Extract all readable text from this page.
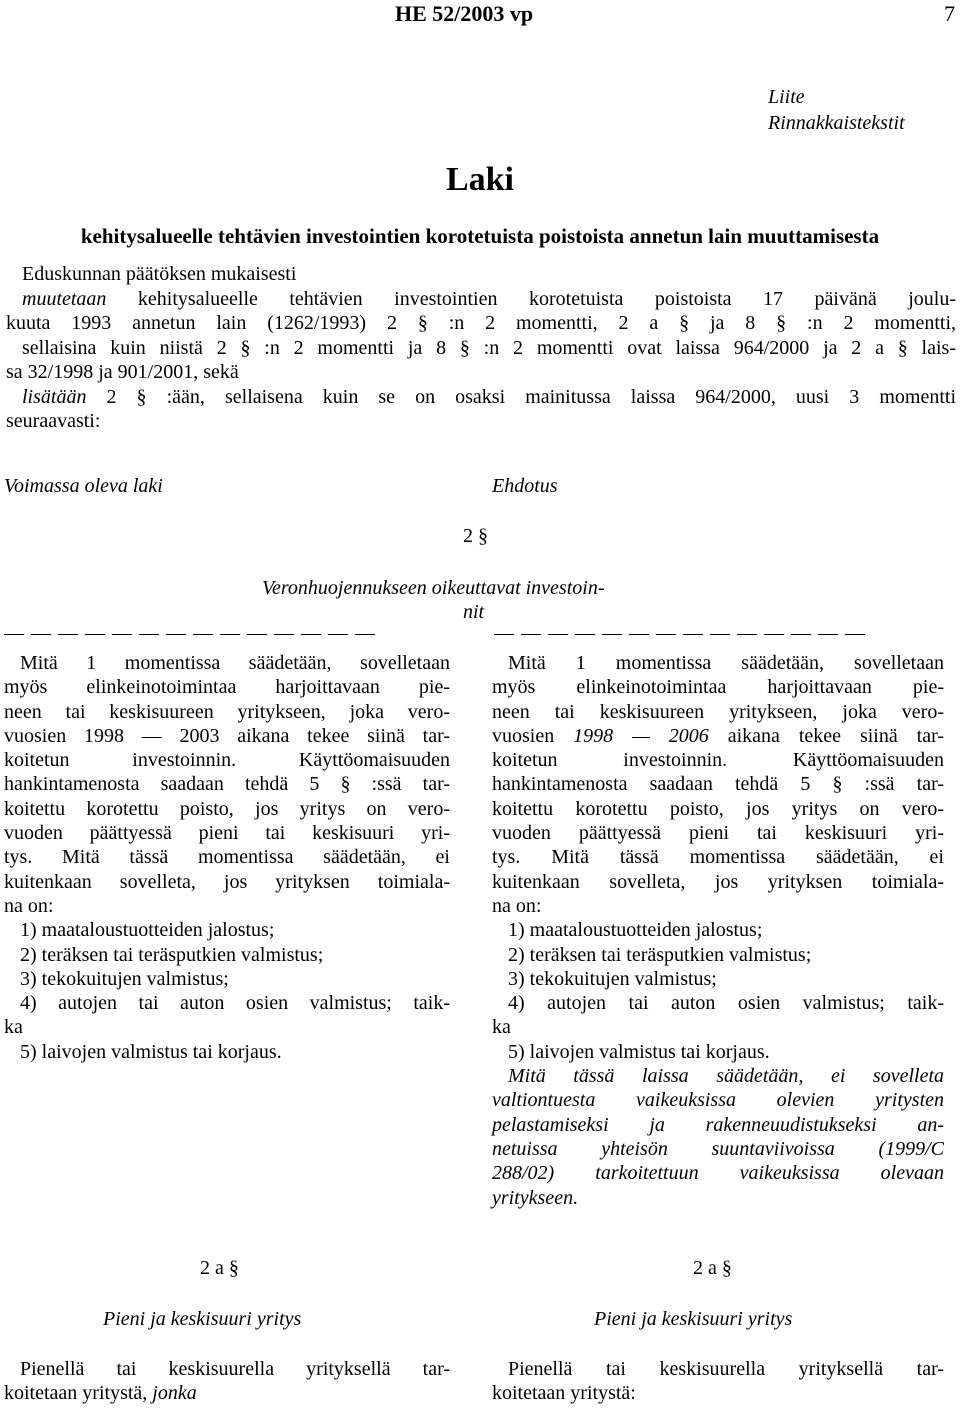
HE 52/2003 vp	7
Liite
Rinnakkaistekstit
Laki
kehitysalueelle tehtävien investointien korotetuista poistoista annetun lain muuttamisesta
Eduskunnan päätöksen mukaisesti
muutetaan kehitysalueelle tehtävien investointien korotetuista poistoista 17 päivänä joulu-
kuuta 1993 annetun lain (1262/1993) 2 § :n 2 momentti, 2 a § ja 8 § :n 2 momentti,
sellaisina kuin niistä 2 § :n 2 momentti ja 8 § :n 2 momentti ovat laissa 964/2000 ja 2 a § lais-
sa 32/1998 ja 901/2001, sekä
lisätään 2 § :ään, sellaisena kuin se on osaksi mainitussa laissa 964/2000, uusi 3 momentti
seuraavasti:
Voimassa oleva laki	Ehdotus
2 §
Veronhuojennukseen oikeuttavat investoin-
nit
— — — — — — — — — — — — — —	— — — — — — — — — — — — — —
Mitä 1 momentissa säädetään, sovelletaan
myös elinkeinotoimintaa harjoittavaan pie-
neen tai keskisuureen yritykseen, joka vero-
vuosien 1998 — 2003 aikana tekee siinä tar-
koitetun investoinnin. Käyttöomaisuuden
hankintamenosta saadaan tehdä 5 § :ssä tar-
koitettu korotettu poisto, jos yritys on vero-
vuoden päättyessä pieni tai keskisuuri yri-
tys. Mitä tässä momentissa säädetään, ei
kuitenkaan sovelleta, jos yrityksen toimiala-
na on:
1) maataloustuotteiden jalostus;
2) teräksen tai teräsputkien valmistus;
3) tekokuitujen valmistus;
4) autojen tai auton osien valmistus; taik-
ka
5) laivojen valmistus tai korjaus.
Mitä 1 momentissa säädetään, sovelletaan
myös elinkeinotoimintaa harjoittavaan pie-
neen tai keskisuureen yritykseen, joka vero-
vuosien 1998 — 2006 aikana tekee siinä tar-
koitetun investoinnin. Käyttöomaisuuden
hankintamenosta saadaan tehdä 5 § :ssä tar-
koitettu korotettu poisto, jos yritys on vero-
vuoden päättyessä pieni tai keskisuuri yri-
tys. Mitä tässä momentissa säädetään, ei
kuitenkaan sovelleta, jos yrityksen toimiala-
na on:
1) maataloustuotteiden jalostus;
2) teräksen tai teräsputkien valmistus;
3) tekokuitujen valmistus;
4) autojen tai auton osien valmistus; taik-
ka
5) laivojen valmistus tai korjaus.
Mitä tässä laissa säädetään, ei sovelleta
valtiontuesta vaikeuksissa olevien yritysten
pelastamiseksi ja rakenneuudistukseksi an-
netuissa yhteisön suuntaviivoissa (1999/C
288/02) tarkoitettuun vaikeuksissa olevaan
yritykseen.
2 a §
Pieni ja keskisuuri yritys
Pienellä tai keskisuurella yrityksellä tar-
koitetaan yritystä, jonka
2 a §
Pieni ja keskisuuri yritys
Pienellä tai keskisuurella yrityksellä tar-
koitetaan yritystä:
